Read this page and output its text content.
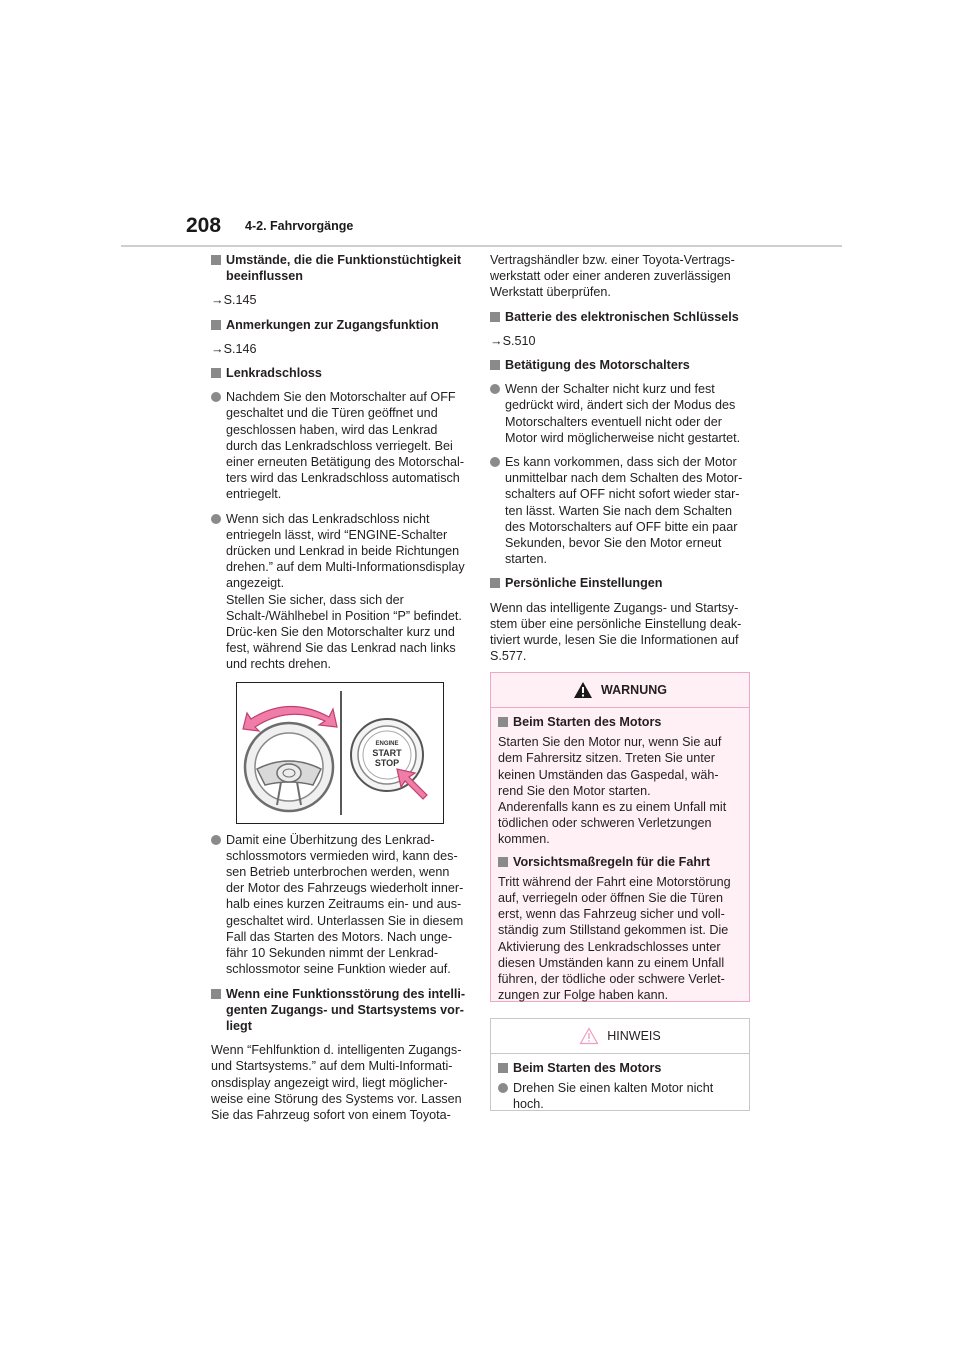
208 4-2. Fahrvorgänge
Umstände, die die Funktionstüchtigkeit beeinflussen
→S.145
Anmerkungen zur Zugangsfunktion
→S.146
Lenkradschloss
Nachdem Sie den Motorschalter auf OFF geschaltet und die Türen geöffnet und geschlossen haben, wird das Lenkrad durch das Lenkradschloss verriegelt. Bei einer erneuten Betätigung des Motorschal-ters wird das Lenkradschloss automatisch entriegelt.
Wenn sich das Lenkradschloss nicht entriegeln lässt, wird “ENGINE-Schalter drücken und Lenkrad in beide Richtungen drehen.” auf dem Multi-Informationsdisplay angezeigt.
Stellen Sie sicher, dass sich der Schalt-/Wählhebel in Position “P” befindet. Drüc-ken Sie den Motorschalter kurz und fest, während Sie das Lenkrad nach links und rechts drehen.
ENGINE
START
STOP
Damit eine Überhitzung des Lenkrad-schlossmotors vermieden wird, kann des-sen Betrieb unterbrochen werden, wenn der Motor des Fahrzeugs wiederholt inner-halb eines kurzen Zeitraums ein- und aus-geschaltet wird. Unterlassen Sie in diesem Fall das Starten des Motors. Nach unge-fähr 10 Sekunden nimmt der Lenkrad-schlossmotor seine Funktion wieder auf.
Wenn eine Funktionsstörung des intelli-genten Zugangs- und Startsystems vor-liegt
Wenn “Fehlfunktion d. intelligenten Zugangs- und Startsystems.” auf dem Multi-Informati-onsdisplay angezeigt wird, liegt möglicher-weise eine Störung des Systems vor. Lassen Sie das Fahrzeug sofort von einem Toyota-
Vertragshändler bzw. einer Toyota-Vertrags-werkstatt oder einer anderen zuverlässigen Werkstatt überprüfen.
Batterie des elektronischen Schlüssels
→S.510
Betätigung des Motorschalters
Wenn der Schalter nicht kurz und fest gedrückt wird, ändert sich der Modus des Motorschalters eventuell nicht oder der Motor wird möglicherweise nicht gestartet.
Es kann vorkommen, dass sich der Motor unmittelbar nach dem Schalten des Motor-schalters auf OFF nicht sofort wieder star-ten lässt. Warten Sie nach dem Schalten des Motorschalters auf OFF bitte ein paar Sekunden, bevor Sie den Motor erneut starten.
Persönliche Einstellungen
Wenn das intelligente Zugangs- und Startsy-stem über eine persönliche Einstellung deak-tiviert wurde, lesen Sie die Informationen auf S.577.
WARNUNG
Beim Starten des Motors
Starten Sie den Motor nur, wenn Sie auf dem Fahrersitz sitzen. Treten Sie unter keinen Umständen das Gaspedal, wäh-rend Sie den Motor starten.
Anderenfalls kann es zu einem Unfall mit tödlichen oder schweren Verletzungen kommen.
Vorsichtsmaßregeln für die Fahrt
Tritt während der Fahrt eine Motorstörung auf, verriegeln oder öffnen Sie die Türen erst, wenn das Fahrzeug sicher und voll-ständig zum Stillstand gekommen ist. Die Aktivierung des Lenkradschlosses unter diesen Umständen kann zu einem Unfall führen, der tödliche oder schwere Verlet-zungen zur Folge haben kann.
HINWEIS
Beim Starten des Motors
Drehen Sie einen kalten Motor nicht hoch.
